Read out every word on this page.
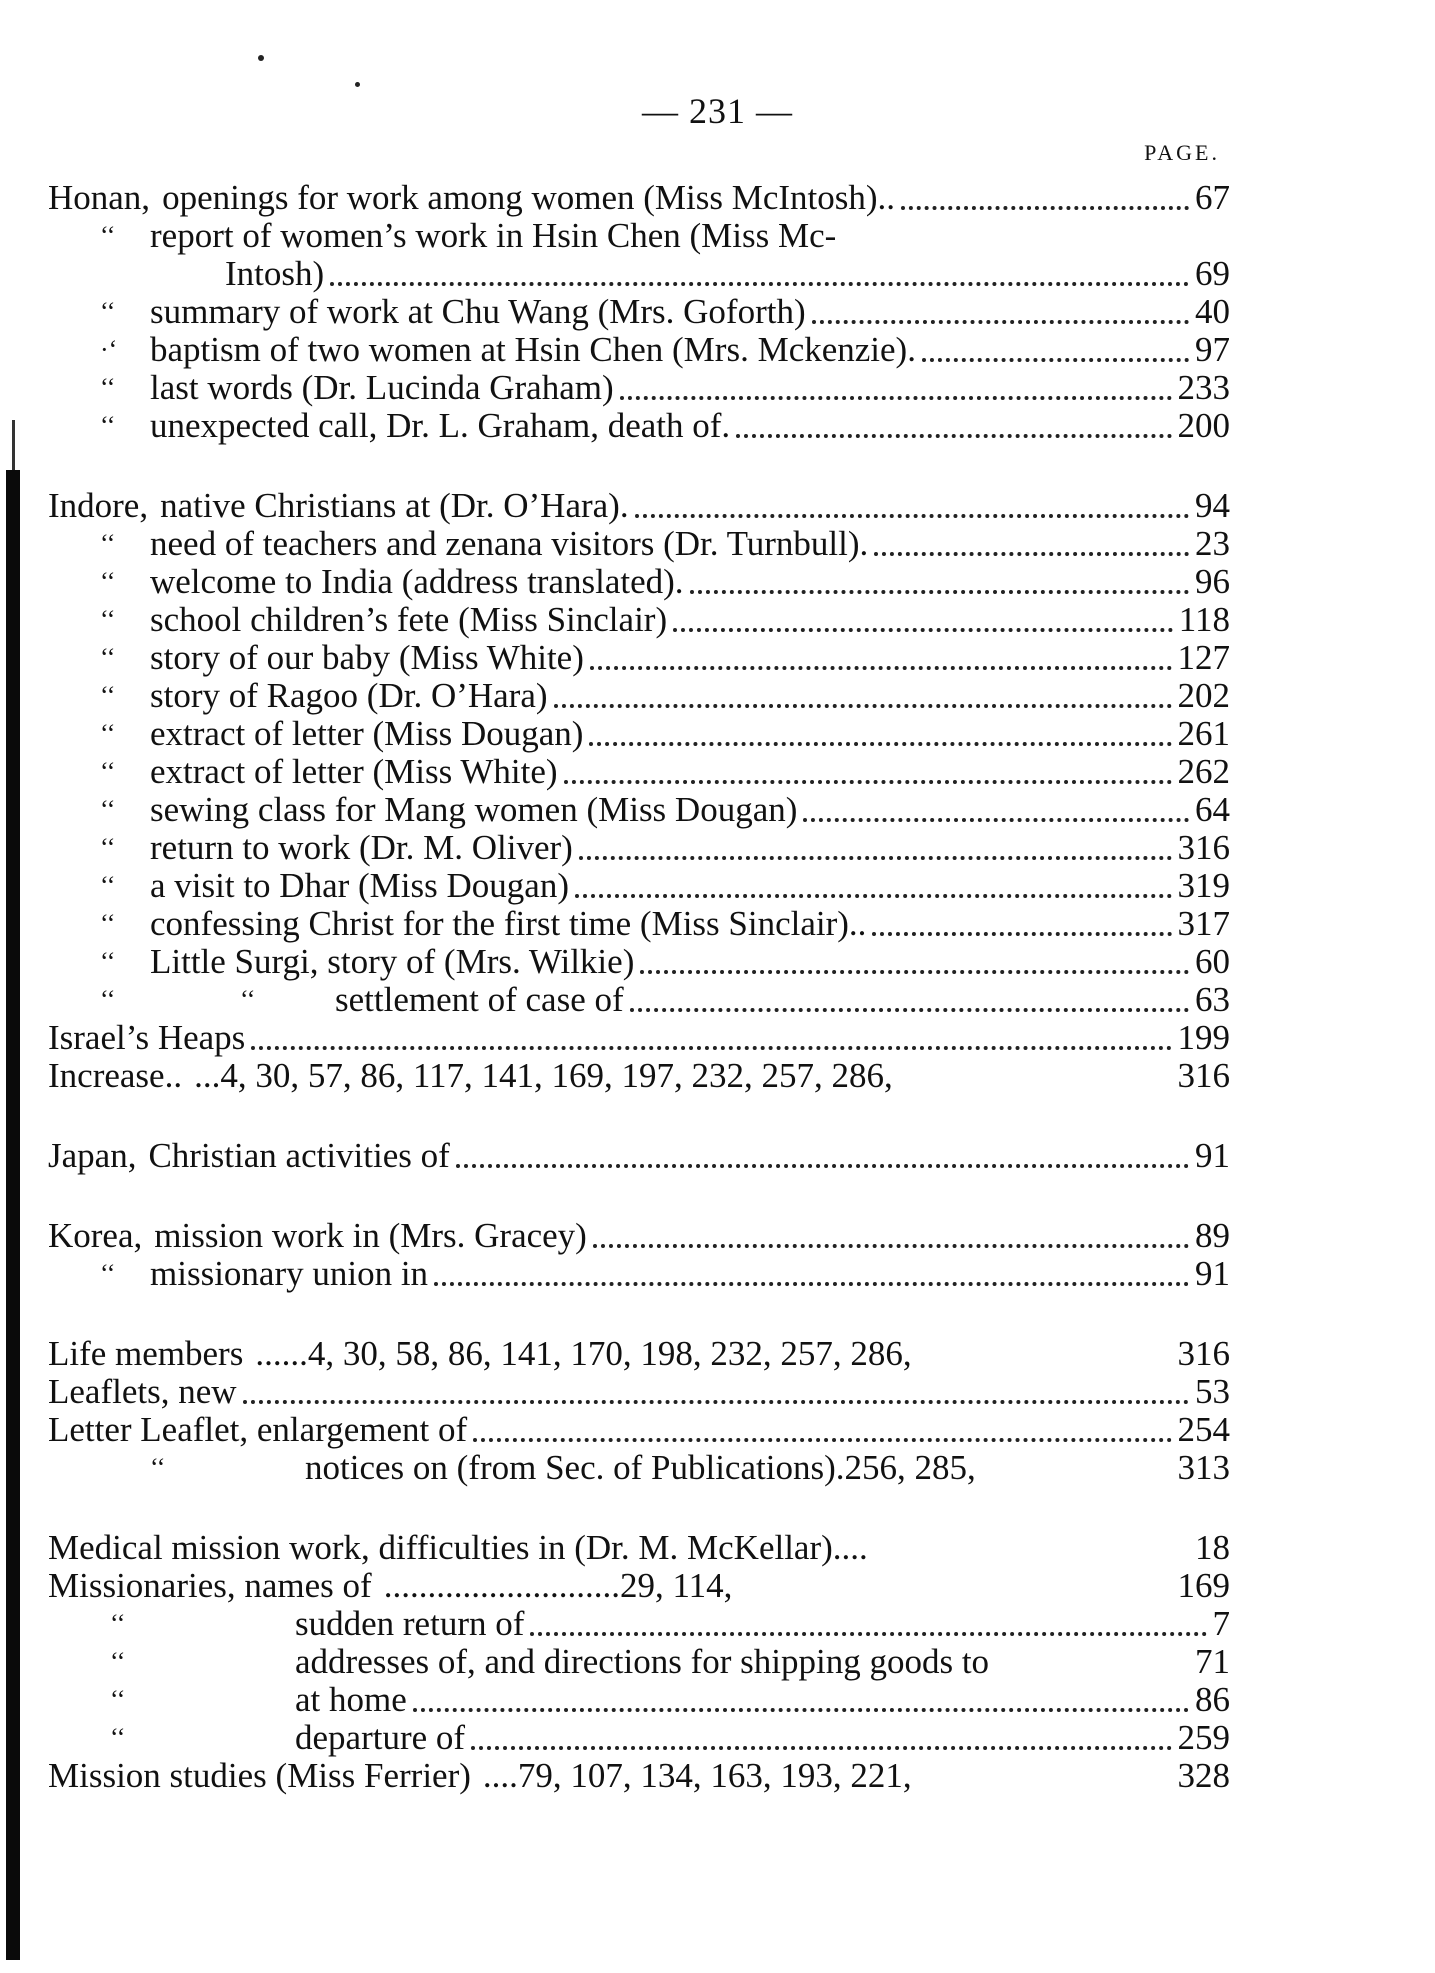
— 231 —
PAGE.
Honan, openings for work among women (Miss McIntosh)..	67
‘‘ report of women’s work in Hsin Chen (Miss Mc-
Intosh)	69
‘‘ summary of work at Chu Wang (Mrs. Goforth)	40
·‘ baptism of two women at Hsin Chen (Mrs. Mckenzie).	97
‘‘ last words (Dr. Lucinda Graham)	233
‘‘ unexpected call, Dr. L. Graham, death of.	200
Indore, native Christians at (Dr. O’Hara).	94
‘‘ need of teachers and zenana visitors (Dr. Turnbull).	23
‘‘ welcome to India (address translated).	96
‘‘ school children’s fete (Miss Sinclair)	118
‘‘ story of our baby (Miss White)	127
‘‘ story of Ragoo (Dr. O’Hara)	202
‘‘ extract of letter (Miss Dougan)	261
‘‘ extract of letter (Miss White)	262
‘‘ sewing class for Mang women (Miss Dougan)	64
‘‘ return to work (Dr. M. Oliver)	316
‘‘ a visit to Dhar (Miss Dougan)	319
‘‘ confessing Christ for the first time (Miss Sinclair)..	317
‘‘ Little Surgi, story of (Mrs. Wilkie)	60
‘‘	‘‘	settlement of case of	63
Israel’s Heaps	199
Increase.. ...4, 30, 57, 86, 117, 141, 169, 197, 232, 257, 286,	316
Japan, Christian activities of	91
Korea, mission work in (Mrs. Gracey)	89
‘‘ missionary union in	91
Life members ......4, 30, 58, 86, 141, 170, 198, 232, 257, 286,	316
Leaflets, new	53
Letter Leaflet, enlargement of	254
‘‘	notices on (from Sec. of Publications).256, 285,	313
Medical mission work, difficulties in (Dr. M. McKellar)....	18
Missionaries, names of ...........................29, 114,	169
‘‘	sudden return of	7
‘‘	addresses of, and directions for shipping goods to	71
‘‘	at home	86
‘‘	departure of	259
Mission studies (Miss Ferrier) ....79, 107, 134, 163, 193, 221,	328
